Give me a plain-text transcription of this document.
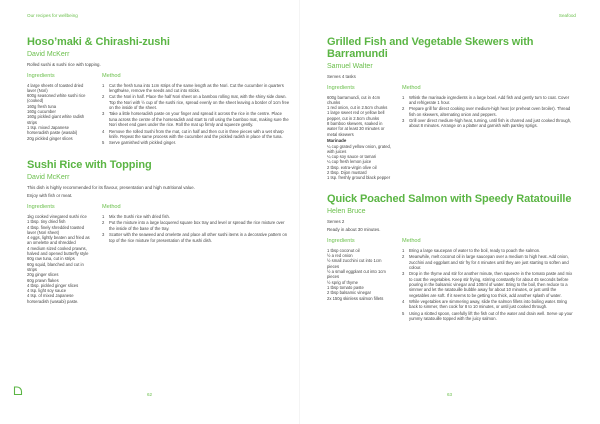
Our recipes for wellbeing
Hoso’maki & Chirashi-zushi
David McKerr
Rolled sushi & sushi rice with topping.
Ingredients
4 large sheets of toasted dried
laver (Nori)
600g seasoned white sushi rice
(cooked)
160g fresh tuna
160g cucumber
160g pickled giant white radish
strips
1 tsp. mixed Japanese
horseradish paste (wasabi)
20g pickled ginger slices
Method
1	Cut the fresh tuna into 1cm strips of the same length as the Nori. Cut the cucumber in quarters lengthwise, remove the seeds and cut into sticks.
2	Cut the Nori in half. Place the half Nori sheet on a bamboo rolling mat, with the shiny side down. Top the Nori with ½ cup of the sushi rice, spread evenly on the sheet leaving a border of 1cm free on the inside of the sheet.
3	Take a little horseradish paste on your finger and spread it across the rice in the centre. Place tuna across the centre of the horseradish and start to roll using the bamboo mat, making sure the Nori sheet end goes under the rice. Roll the mat up firmly and squeeze gently.
4	Remove the rolled Sushi from the mat, cut in half and then cut in three pieces with a wet sharp knife. Repeat the same process with the cucumber and the pickled radish in place of the tuna.
5	Serve garnished with pickled ginger.
Sushi Rice with Topping
David McKerr
This dish is highly recommended for its flavour, presentation and high nutritional value.
Enjoy with fish or meat.
Ingredients
1kg cooked vinegared sushi rice
1 tbsp. tiny dried fish
4 tbsp. finely shredded toasted
laver (Nori sheet)
4 eggs, lightly beaten and fried as
an omelette and shredded
4 medium sized cooked prawns,
halved and opened butterfly style
60g raw tuna, cut in strips
60g squid, blanched and cut in
strips
20g ginger slices
60g prawn flakes
4 tbsp. pickled ginger slices
4 tsp. light soy sauce
4 tsp. of mixed Japanese
horseradish (wasabi) paste.
Method
1	Mix the Sushi rice with dried fish.
2	Put the mixture into a large lacquered square box tray and level or spread the rice mixture over the inside of the base of the tray.
3	Scatter with the seaweed and omelette and place all other sushi items in a decorative pattern on top of the rice mixture for presentation of the sushi dish.
62
Seafood
Grilled Fish and Vegetable Skewers with Barramundi
Samuel Walter
Serves 4 tasks
Ingredients
600g barramundi, cut in 4cm
chunks
1 red onion, cut in 2.5cm chunks
1 large sweet red or yellow bell
pepper, cut in 2.5cm chunks
8 bamboo skewers, soaked in
water for at least 30 minutes or
metal skewers
Marinade
¼ cup grated yellow onion, grated,
with juices
¼ cup soy sauce or tamari
¼ cup fresh lemon juice
2 tbsp. extra-virgin olive oil
2 tbsp. Dijon mustard
1 tsp. freshly ground black pepper
Method
1	Whisk the marinade ingredients in a large bowl. Add fish and gently turn to coat. Cover and refrigerate 1 hour.
2	Prepare grill for direct cooking over medium-high heat (or preheat oven broiler). Thread fish on skewers, alternating onion and peppers.
3	Grill over direct medium-high heat, turning, until fish is charred and just cooked through, about 8 minutes. Arrange on a platter and garnish with parsley sprigs.
Quick Poached Salmon with Speedy Ratatouille
Helen Bruce
Serves 2
Ready in about 30 minutes.
Ingredients
1 tbsp coconut oil
½ a red onion
½ small zucchini cut into 1cm
pieces
½ a small eggplant cut into 1cm
pieces
½ sprig of thyme
1 tbsp tomato paste
2 tbsp balsamic vinegar
2x 150g skinless salmon fillets
Method
1	Bring a large saucepan of water to the boil, ready to poach the salmon.
2	Meanwhile, melt coconut oil in large saucepan over a medium to high heat. Add onion, zucchini and eggplant and stir fry for 4 minutes until they are just starting to soften and colour.
3	Drop in the thyme and stir for another minute, then squeeze in the tomato paste and mix to coat the vegetables. Keep stir frying, stirring constantly for about 45 seconds before pouring in the balsamic vinegar and 100ml of water. Bring to the boil, then reduce to a simmer and let the ratatouille bubble away for about 10 minutes, or just until the vegetables are soft. If it seems to be getting too thick, add another splash of water.
4	While vegetables are simmering away, slide the salmon fillets into boiling water. Bring back to simmer, then cook for 8 to 10 minutes, or until just cooked through.
5	Using a slotted spoon, carefully lift the fish out of the water and drain well. Serve up your yummy ratatouille topped with the juicy salmon.
63
